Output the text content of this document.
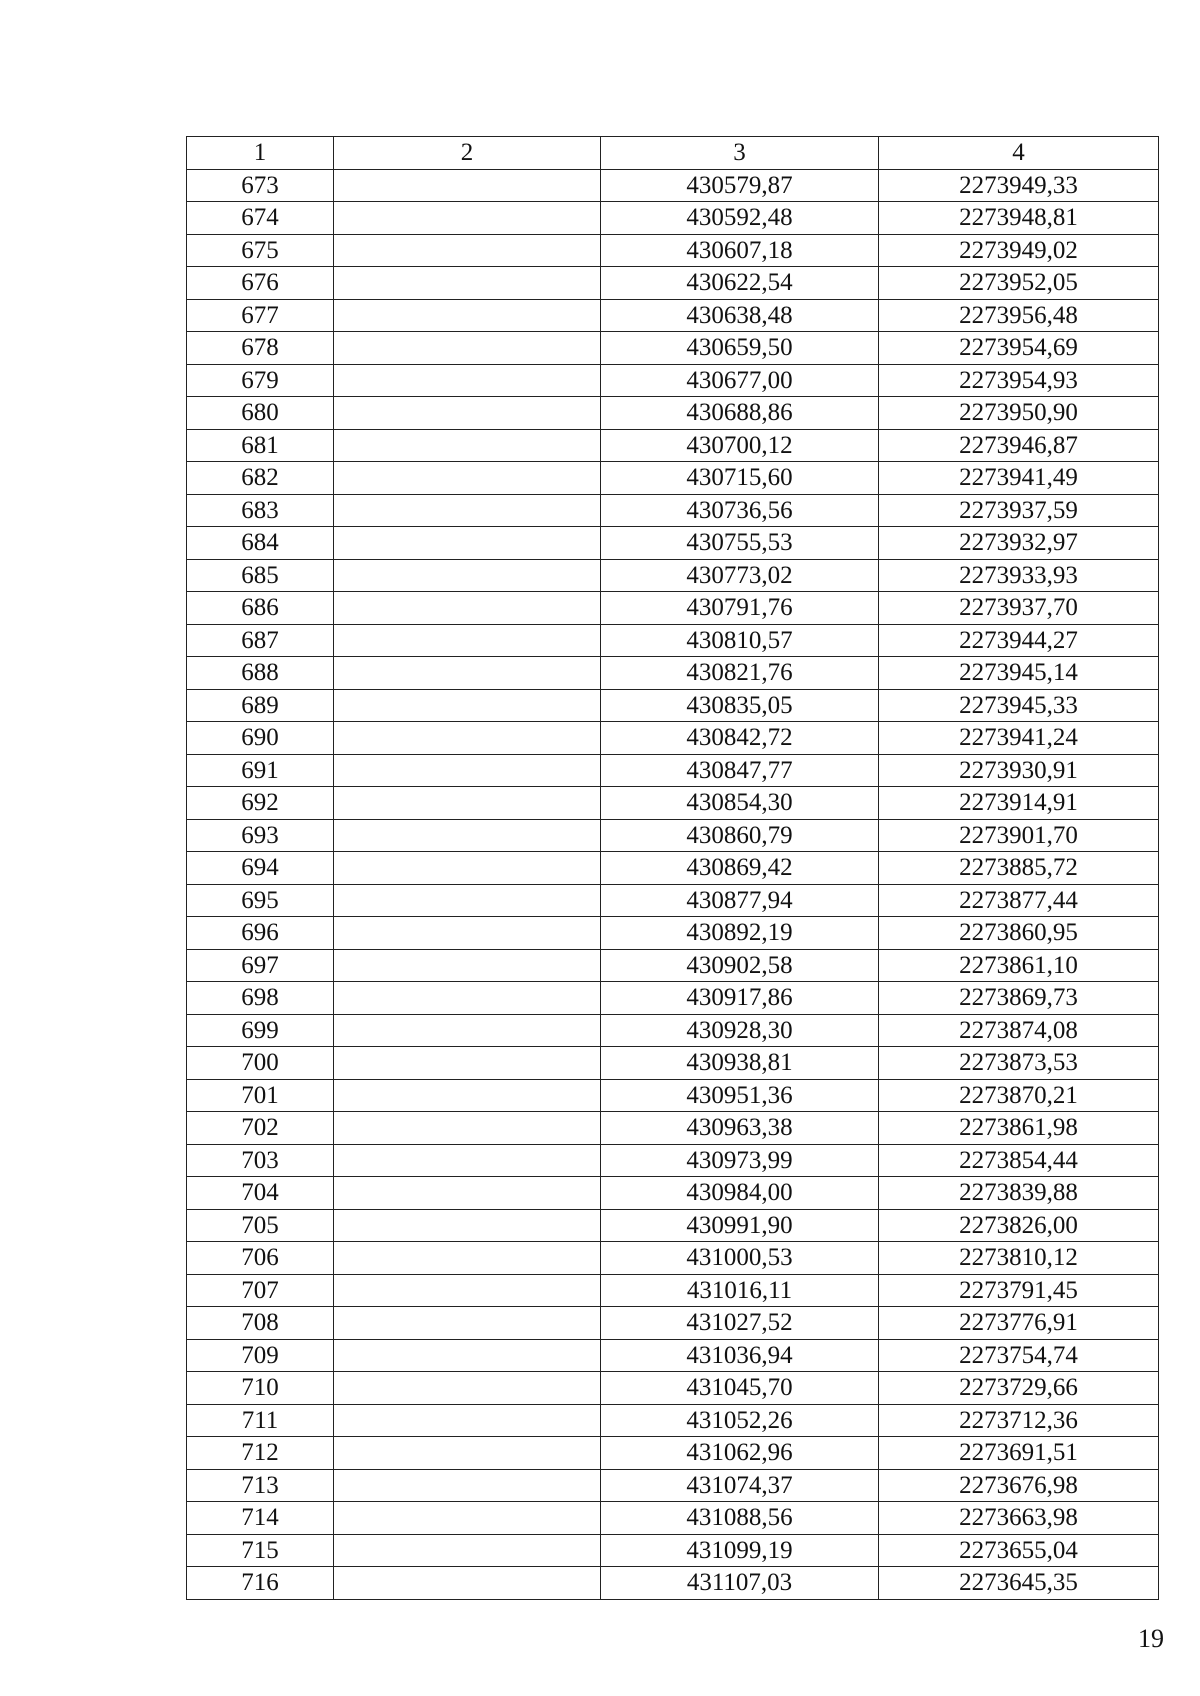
1	2	3	4
673		430579,87	2273949,33
674		430592,48	2273948,81
675		430607,18	2273949,02
676		430622,54	2273952,05
677		430638,48	2273956,48
678		430659,50	2273954,69
679		430677,00	2273954,93
680		430688,86	2273950,90
681		430700,12	2273946,87
682		430715,60	2273941,49
683		430736,56	2273937,59
684		430755,53	2273932,97
685		430773,02	2273933,93
686		430791,76	2273937,70
687		430810,57	2273944,27
688		430821,76	2273945,14
689		430835,05	2273945,33
690		430842,72	2273941,24
691		430847,77	2273930,91
692		430854,30	2273914,91
693		430860,79	2273901,70
694		430869,42	2273885,72
695		430877,94	2273877,44
696		430892,19	2273860,95
697		430902,58	2273861,10
698		430917,86	2273869,73
699		430928,30	2273874,08
700		430938,81	2273873,53
701		430951,36	2273870,21
702		430963,38	2273861,98
703		430973,99	2273854,44
704		430984,00	2273839,88
705		430991,90	2273826,00
706		431000,53	2273810,12
707		431016,11	2273791,45
708		431027,52	2273776,91
709		431036,94	2273754,74
710		431045,70	2273729,66
711		431052,26	2273712,36
712		431062,96	2273691,51
713		431074,37	2273676,98
714		431088,56	2273663,98
715		431099,19	2273655,04
716		431107,03	2273645,35
19
